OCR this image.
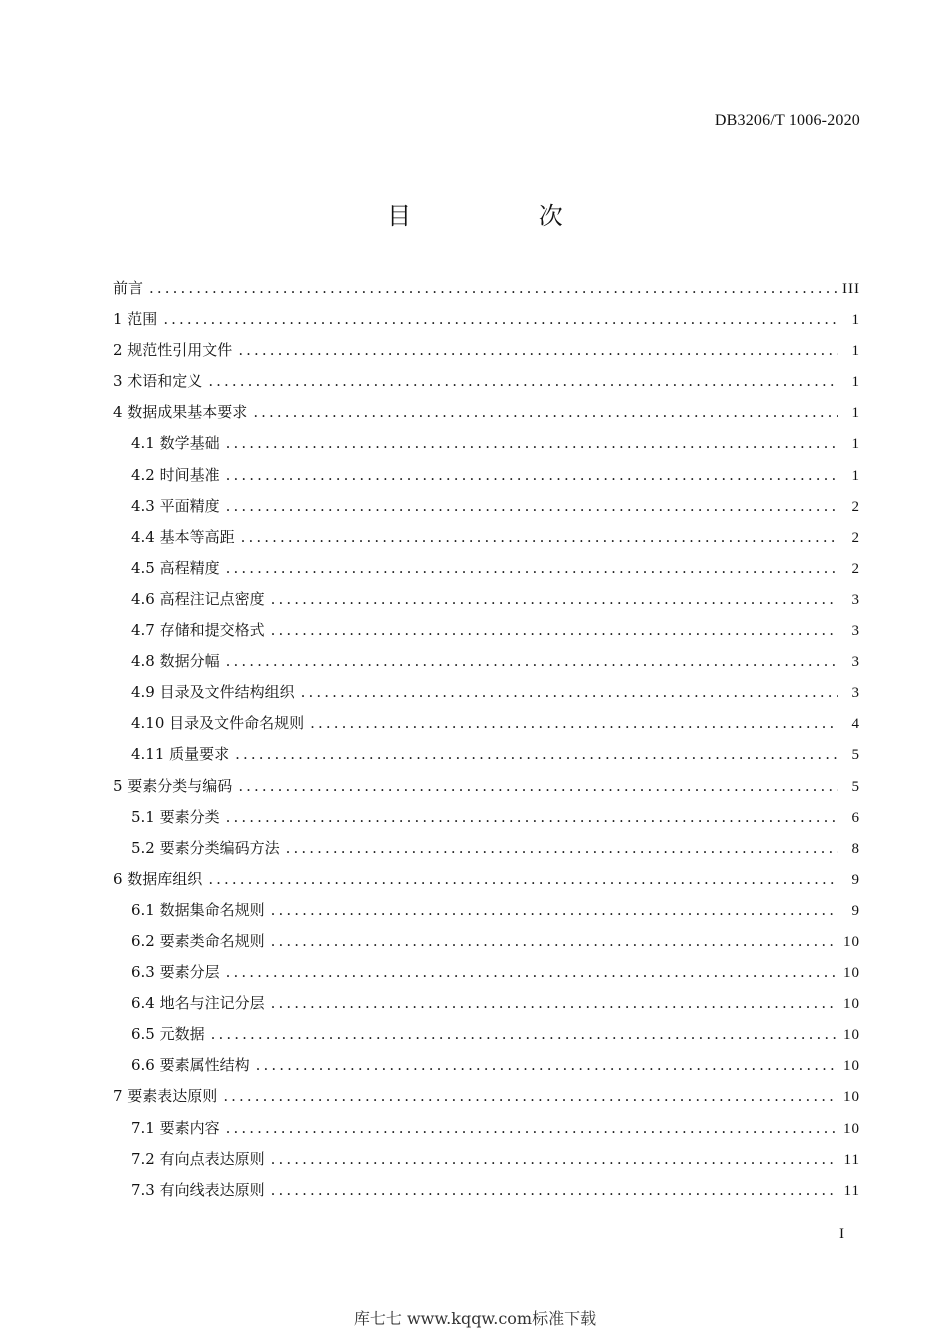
DB3206/T 1006-2020
目 次
前言 .....	III
1 范围 .....	1
2 规范性引用文件 .....	1
3 术语和定义 .....	1
4 数据成果基本要求 .....	1
4.1 数学基础 .....	1
4.2 时间基准 .....	1
4.3 平面精度 .....	2
4.4 基本等高距 .....	2
4.5 高程精度 .....	2
4.6 高程注记点密度 .....	3
4.7 存储和提交格式 .....	3
4.8 数据分幅 .....	3
4.9 目录及文件结构组织 .....	3
4.10 目录及文件命名规则 .....	4
4.11 质量要求 .....	5
5 要素分类与编码 .....	5
5.1 要素分类 .....	6
5.2 要素分类编码方法 .....	8
6 数据库组织 .....	9
6.1 数据集命名规则 .....	9
6.2 要素类命名规则 .....	10
6.3 要素分层 .....	10
6.4 地名与注记分层 .....	10
6.5 元数据 .....	10
6.6 要素属性结构 .....	10
7 要素表达原则 .....	10
7.1 要素内容 .....	10
7.2 有向点表达原则 .....	11
7.3 有向线表达原则 .....	11
I
库七七 www.kqqw.com标准下载
